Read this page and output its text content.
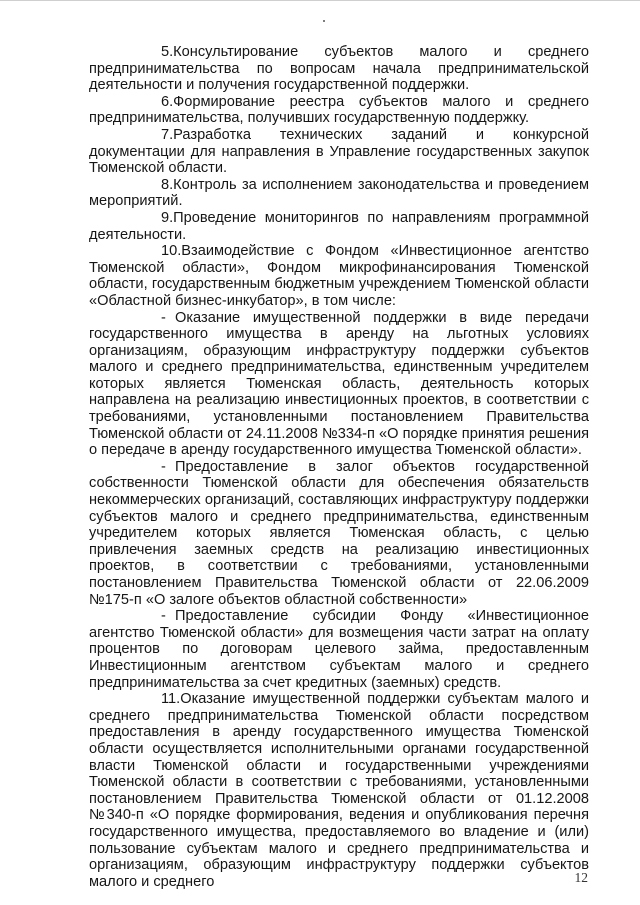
5.Консультирование субъектов малого и среднего предпринимательства по вопросам начала предпринимательской деятельности и получения государственной поддержки.

6.Формирование реестра субъектов малого и среднего предпринимательства, получивших государственную поддержку.

7.Разработка технических заданий и конкурсной документации для направления в Управление государственных закупок Тюменской области.

8.Контроль за исполнением законодательства и проведением мероприятий.

9.Проведение мониторингов по направлениям программной деятельности.

10.Взаимодействие с Фондом «Инвестиционное агентство Тюменской области», Фондом микрофинансирования Тюменской области, государственным бюджетным учреждением Тюменской области «Областной бизнес-инкубатор», в том числе:

- Оказание имущественной поддержки в виде передачи государственного имущества в аренду на льготных условиях организациям, образующим инфраструктуру поддержки субъектов малого и среднего предпринимательства, единственным учредителем которых является Тюменская область, деятельность которых направлена на реализацию инвестиционных проектов, в соответствии с требованиями, установленными постановлением Правительства Тюменской области от 24.11.2008 №334-п «О порядке принятия решения о передаче в аренду государственного имущества Тюменской области».

- Предоставление в залог объектов государственной собственности Тюменской области для обеспечения обязательств некоммерческих организаций, составляющих инфраструктуру поддержки субъектов малого и среднего предпринимательства, единственным учредителем которых является Тюменская область, с целью привлечения заемных средств на реализацию инвестиционных проектов, в соответствии с требованиями, установленными постановлением Правительства Тюменской области от 22.06.2009 №175-п «О залоге объектов областной собственности»

- Предоставление субсидии Фонду «Инвестиционное агентство Тюменской области» для возмещения части затрат на оплату процентов по договорам целевого займа, предоставленным Инвестиционным агентством субъектам малого и среднего предпринимательства за счет кредитных (заемных) средств.

11.Оказание имущественной поддержки субъектам малого и среднего предпринимательства Тюменской области посредством предоставления в аренду государственного имущества Тюменской области осуществляется исполнительными органами государственной власти Тюменской области и государственными учреждениями Тюменской области в соответствии с требованиями, установленными постановлением Правительства Тюменской области от 01.12.2008 №340-п «О порядке формирования, ведения и опубликования перечня государственного имущества, предоставляемого во владение и (или) пользование субъектам малого и среднего предпринимательства и организациям, образующим инфраструктуру поддержки субъектов малого и среднего	12
